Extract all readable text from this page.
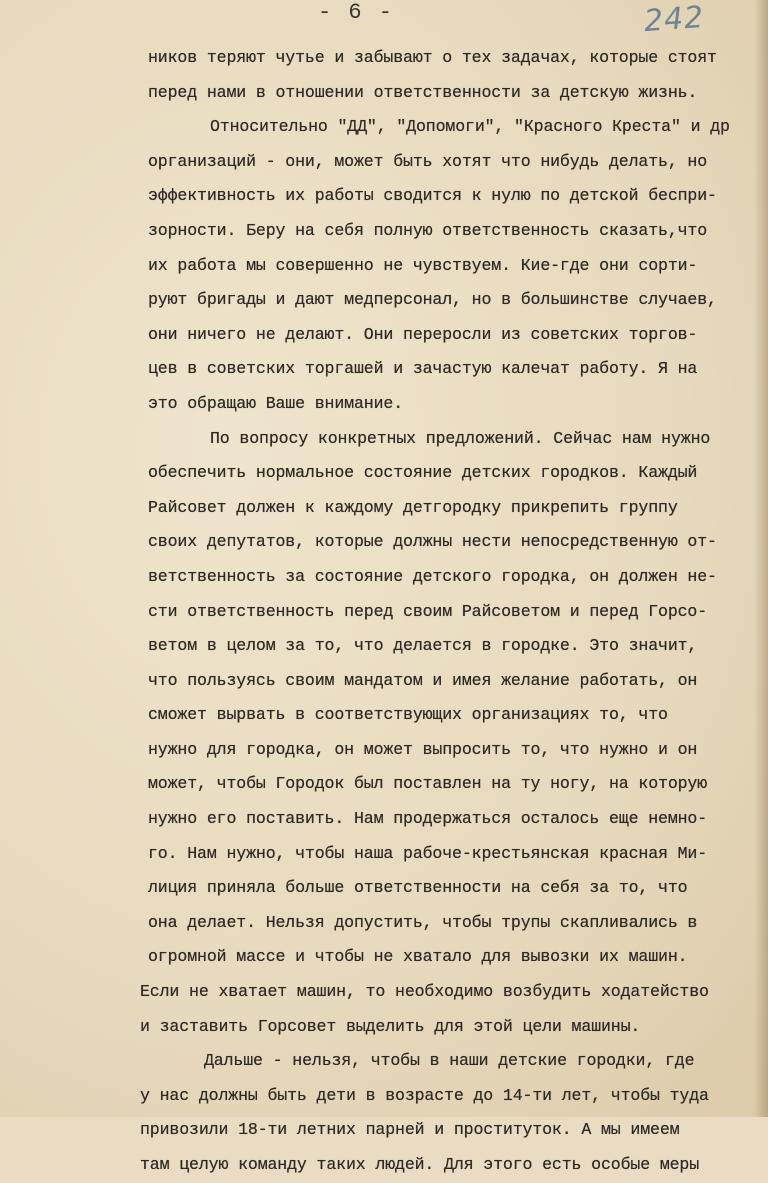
- 6 -	242
ников теряют чутье и забывают о тех задачах, которые стоят
перед нами в отношении ответственности за детскую жизнь.
Относительно "ДД", "Допомоги", "Красного Креста" и др
организаций - они, может быть хотят что нибудь делать, но
эффективность их работы сводится к нулю по детской беспри-
зорности. Беру на себя полную ответственность сказать,что
их работа мы совершенно не чувствуем. Кие-где они сорти-
руют бригады и дают медперсонал, но в большинстве случаев,
они ничего не делают. Они переросли из советских торгов-
цев в советских торгашей и зачастую калечат работу. Я на
это обращаю Ваше внимание.
По вопросу конкретных предложений. Сейчас нам нужно
обеспечить нормальное состояние детских городков. Каждый
Райсовет должен к каждому детгородку прикрепить группу
своих депутатов, которые должны нести непосредственную от-
ветственность за состояние детского городка, он должен не-
сти ответственность перед своим Райсоветом и перед Горсо-
ветом в целом за то, что делается в городке. Это значит,
что пользуясь своим мандатом и имея желание работать, он
сможет вырвать в соответствующих организациях то, что
нужно для городка, он может выпросить то, что нужно и он
может, чтобы Городок был поставлен на ту ногу, на которую
нужно его поставить. Нам продержаться осталось еще немно-
го. Нам нужно, чтобы наша рабоче-крестьянская красная Ми-
лиция приняла больше ответственности на себя за то, что
она делает. Нельзя допустить, чтобы трупы скапливались в
огромной массе и чтобы не хватало для вывозки их машин.
Если не хватает машин, то необходимо возбудить ходатейство
и заставить Горсовет выделить для этой цели машины.
Дальше - нельзя, чтобы в наши детские городки, где
у нас должны быть дети в возрасте до 14-ти лет, чтобы туда
привозили 18-ти летних парней и проституток. А мы имеем
там целую команду таких людей. Для этого есть особые меры
